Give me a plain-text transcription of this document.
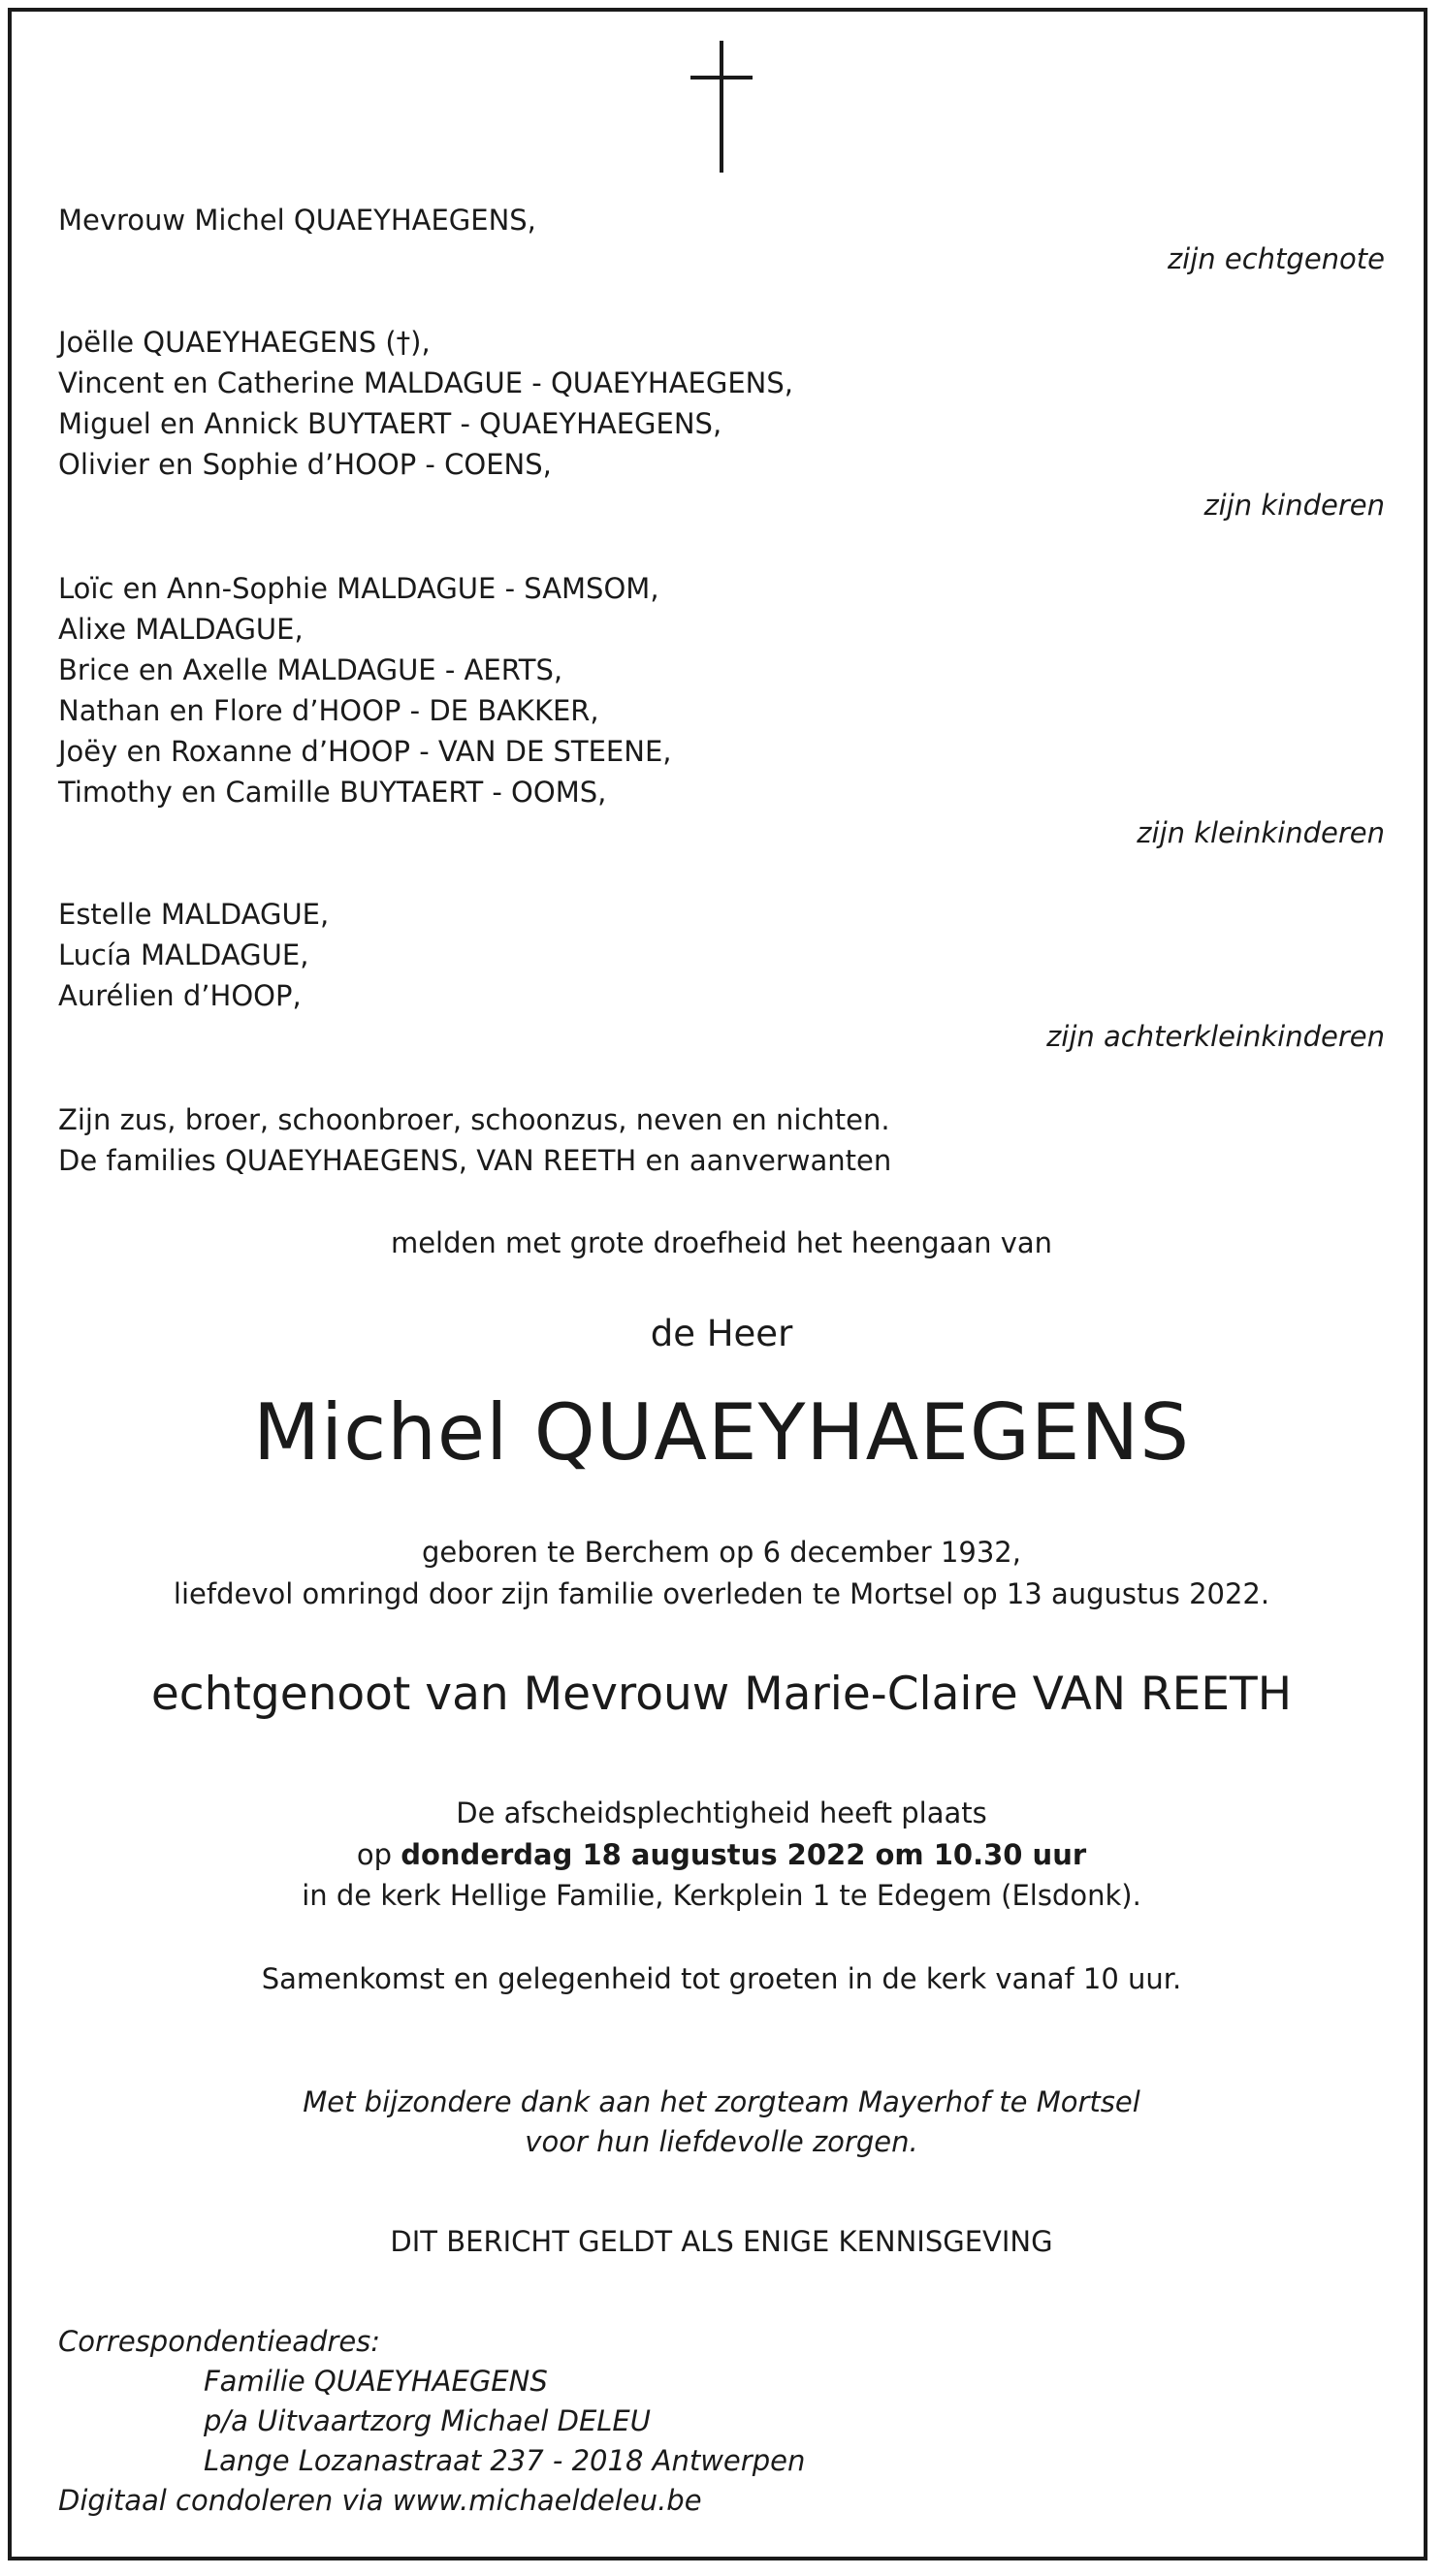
Mevrouw Michel QUAEYHAEGENS,
zijn echtgenote
Joëlle QUAEYHAEGENS (†),
Vincent en Catherine MALDAGUE - QUAEYHAEGENS,
Miguel en Annick BUYTAERT - QUAEYHAEGENS,
Olivier en Sophie d’HOOP - COENS,
zijn kinderen
Loïc en Ann-Sophie MALDAGUE - SAMSOM,
Alixe MALDAGUE,
Brice en Axelle MALDAGUE - AERTS,
Nathan en Flore d’HOOP - DE BAKKER,
Joëy en Roxanne d’HOOP - VAN DE STEENE,
Timothy en Camille BUYTAERT - OOMS,
zijn kleinkinderen
Estelle MALDAGUE,
Lucía MALDAGUE,
Aurélien d’HOOP,
zijn achterkleinkinderen
Zijn zus, broer, schoonbroer, schoonzus, neven en nichten.
De families QUAEYHAEGENS, VAN REETH en aanverwanten
melden met grote droefheid het heengaan van
de Heer
Michel QUAEYHAEGENS
geboren te Berchem op 6 december 1932,
liefdevol omringd door zijn familie overleden te Mortsel op 13 augustus 2022.
echtgenoot van Mevrouw Marie-Claire VAN REETH
De afscheidsplechtigheid heeft plaats
op donderdag 18 augustus 2022 om 10.30 uur
in de kerk Hellige Familie, Kerkplein 1 te Edegem (Elsdonk).
Samenkomst en gelegenheid tot groeten in de kerk vanaf 10 uur.
Met bijzondere dank aan het zorgteam Mayerhof te Mortsel
voor hun liefdevolle zorgen.
DIT BERICHT GELDT ALS ENIGE KENNISGEVING
Correspondentieadres:
Familie QUAEYHAEGENS
p/a Uitvaartzorg Michael DELEU
Lange Lozanastraat 237 - 2018 Antwerpen
Digitaal condoleren via www.michaeldeleu.be
